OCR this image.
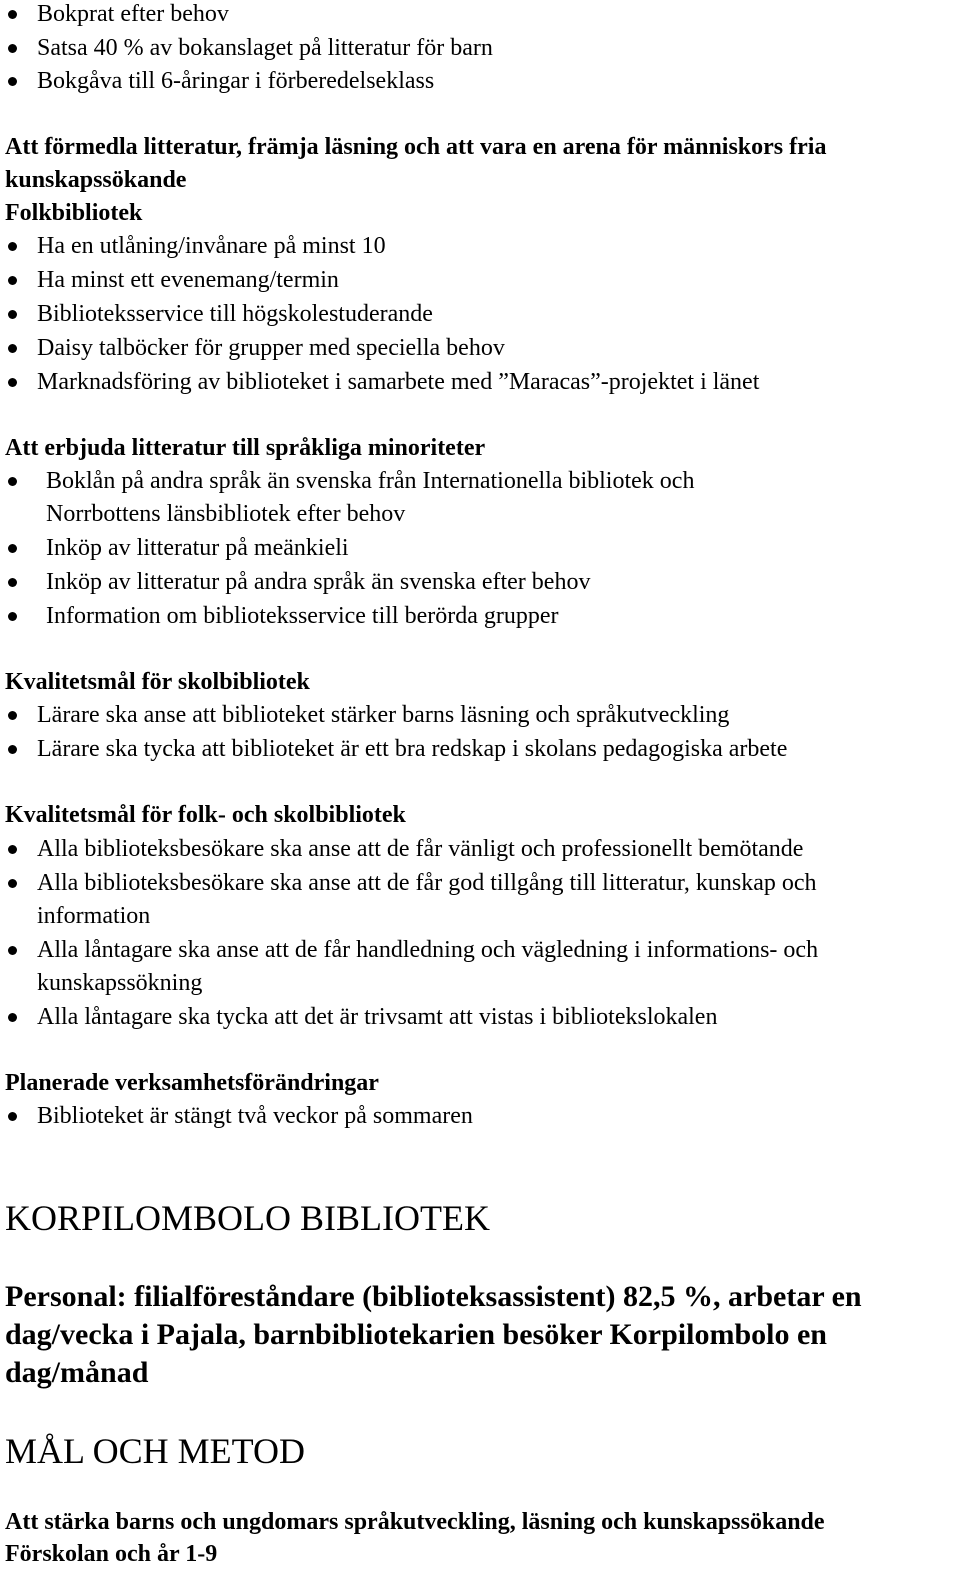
Bokprat efter behov
Satsa 40 % av bokanslaget på litteratur för barn
Bokgåva till 6-åringar i förberedelseklass
Att förmedla litteratur, främja läsning och att vara en arena för människors fria
kunskapssökande
Folkbibliotek
Ha en utlåning/invånare på minst 10
Ha minst ett evenemang/termin
Biblioteksservice till högskolestuderande
Daisy talböcker för grupper med speciella behov
Marknadsföring av biblioteket i samarbete med ”Maracas”-projektet i länet
Att erbjuda litteratur till språkliga minoriteter
Boklån på andra språk än svenska från Internationella bibliotek och
Norrbottens länsbibliotek efter behov
Inköp av litteratur på meänkieli
Inköp av litteratur på andra språk än svenska efter behov
Information om biblioteksservice till berörda grupper
Kvalitetsmål för skolbibliotek
Lärare ska anse att biblioteket stärker barns läsning och språkutveckling
Lärare ska tycka att biblioteket är ett bra redskap i skolans pedagogiska arbete
Kvalitetsmål för folk- och skolbibliotek
Alla biblioteksbesökare ska anse att de får vänligt och professionellt bemötande
Alla biblioteksbesökare ska anse att de får god tillgång till litteratur, kunskap och
information
Alla låntagare ska anse att de får handledning och vägledning i informations- och
kunskapssökning
Alla låntagare ska tycka att det är trivsamt att vistas i bibliotekslokalen
Planerade verksamhetsförändringar
Biblioteket är stängt två veckor på sommaren
KORPILOMBOLO BIBLIOTEK
Personal: filialföreståndare (biblioteksassistent) 82,5 %, arbetar en
dag/vecka i Pajala, barnbibliotekarien besöker Korpilombolo en
dag/månad
MÅL OCH METOD
Att stärka barns och ungdomars språkutveckling, läsning och kunskapssökande
Förskolan och år 1-9
